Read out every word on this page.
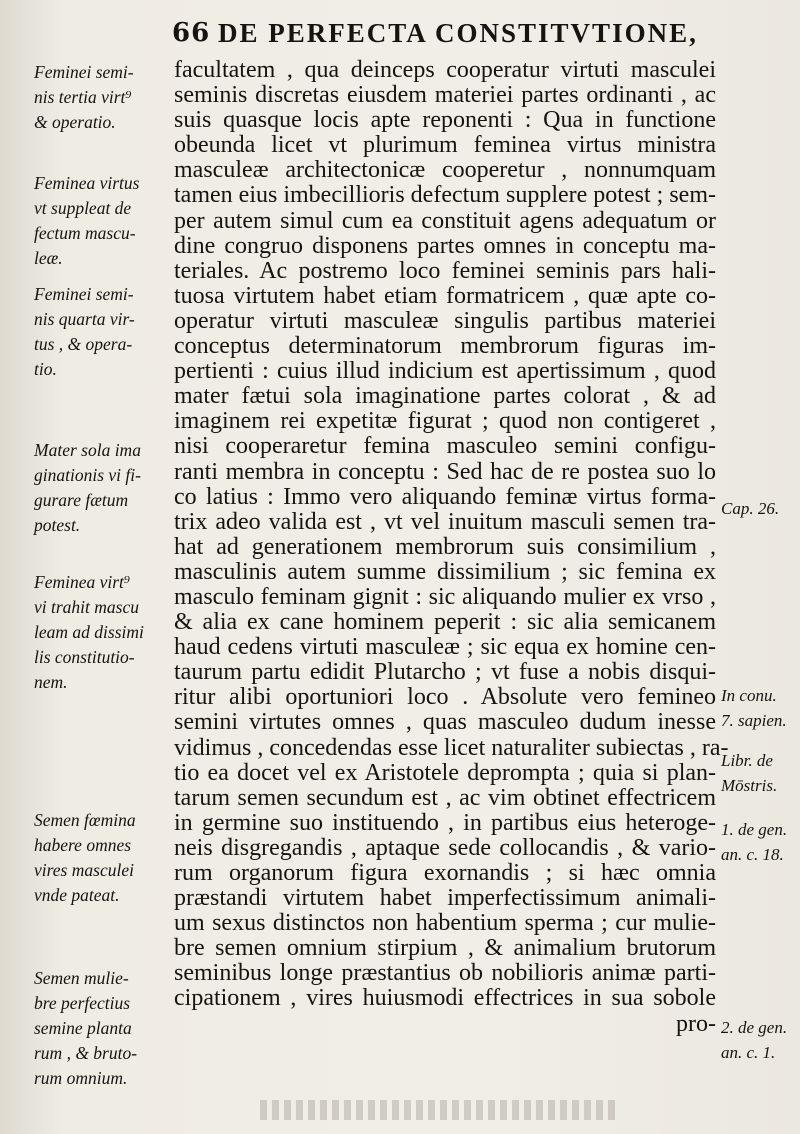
66 DE PERFECTA CONSTITVTIONE,
facultatem , qua deinceps cooperatur virtuti masculei
seminis discretas eiusdem materiei partes ordinanti , ac
suis quasque locis apte reponenti : Qua in functione
obeunda licet vt plurimum feminea virtus ministra
masculeæ architectonicæ cooperetur , nonnumquam
tamen eius imbecillioris defectum supplere potest ; sem-
per autem simul cum ea constituit agens adequatum or
dine congruo disponens partes omnes in conceptu ma-
teriales. Ac postremo loco feminei seminis pars hali-
tuosa virtutem habet etiam formatricem , quæ apte co-
operatur virtuti masculeæ singulis partibus materiei
conceptus determinatorum membrorum figuras im-
pertienti : cuius illud indicium est apertissimum , quod
mater fætui sola imaginatione partes colorat , & ad
imaginem rei expetitæ figurat ; quod non contigeret ,
nisi cooperaretur femina masculeo semini configu-
ranti membra in conceptu : Sed hac de re postea suo lo
co latius : Immo vero aliquando feminæ virtus forma-
trix adeo valida est , vt vel inuitum masculi semen tra-
hat ad generationem membrorum suis consimilium ,
masculinis autem summe dissimilium ; sic femina ex
masculo feminam gignit : sic aliquando mulier ex vrso ,
& alia ex cane hominem peperit : sic alia semicanem
haud cedens virtuti masculeæ ; sic equa ex homine cen-
taurum partu edidit Plutarcho ; vt fuse a nobis disqui-
ritur alibi oportuniori loco . Absolute vero femineo
semini virtutes omnes , quas masculeo dudum inesse
vidimus , concedendas esse licet naturaliter subiectas , ra-
tio ea docet vel ex Aristotele deprompta ; quia si plan-
tarum semen secundum est , ac vim obtinet effectricem
in germine suo instituendo , in partibus eius heteroge-
neis disgregandis , aptaque sede collocandis , & vario-
rum organorum figura exornandis ; si hæc omnia
præstandi virtutem habet imperfectissimum animali-
um sexus distinctos non habentium sperma ; cur mulie-
bre semen omnium stirpium , & animalium brutorum
seminibus longe præstantius ob nobilioris animæ parti-
cipationem , vires huiusmodi effectrices in sua sobole
pro-
Feminei semi-
nis tertia virt⁹
& operatio.
Feminea virtus
vt suppleat de
fectum mascu-
leæ.
Feminei semi-
nis quarta vir-
tus , & opera-
tio.
Mater sola ima
ginationis vi fi-
gurare fætum
potest.
Feminea virt⁹
vi trahit mascu
leam ad dissimi
lis constitutio-
nem.
Semen fœmina
habere omnes
vires masculei
vnde pateat.
Semen mulie-
bre perfectius
semine planta
rum , & bruto-
rum omnium.
Cap. 26.
In conu.
7. sapien.
Libr. de
Mōstris.
1. de gen.
an. c. 18.
2. de gen.
an. c. 1.
